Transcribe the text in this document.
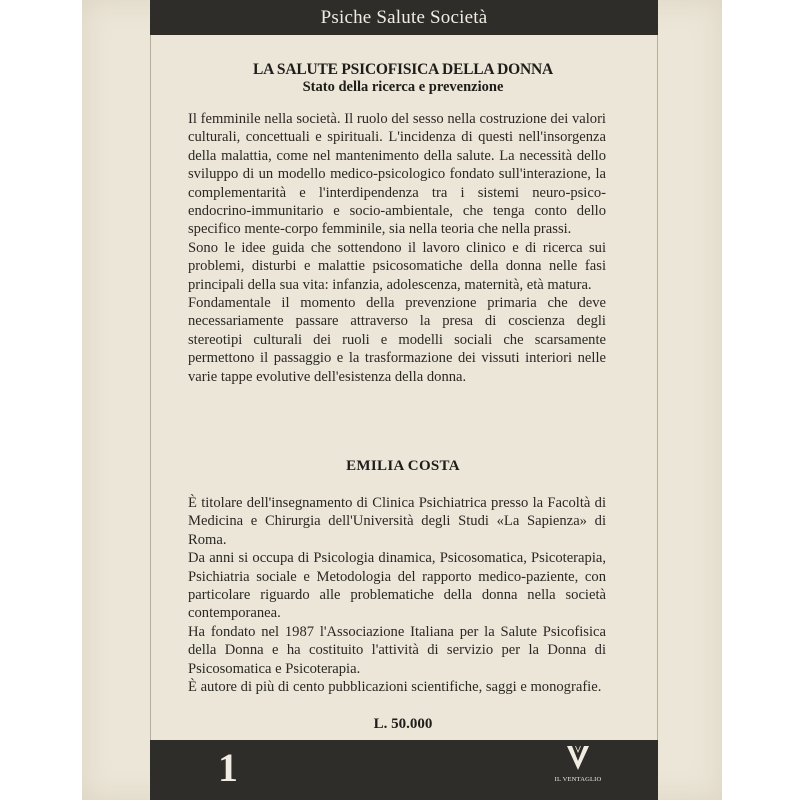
Psiche Salute Società
LA SALUTE PSICOFISICA DELLA DONNA
Stato della ricerca e prevenzione

Il femminile nella società. Il ruolo del sesso nella costruzione dei valori culturali, concettuali e spirituali. L'incidenza di questi nell'insorgenza della malattia, come nel mantenimento della salute. La necessità dello sviluppo di un modello medico-psicologico fondato sull'interazione, la complementarità e l'interdipendenza tra i sistemi neuro-psico-endocrino-immunitario e socio-ambientale, che tenga conto dello specifico mente-corpo femminile, sia nella teoria che nella prassi.

Sono le idee guida che sottendono il lavoro clinico e di ricerca sui problemi, disturbi e malattie psicosomatiche della donna nelle fasi principali della sua vita: infanzia, adolescenza, maternità, età matura.

Fondamentale il momento della prevenzione primaria che deve necessariamente passare attraverso la presa di coscienza degli stereotipi culturali dei ruoli e modelli sociali che scarsamente permettono il passaggio e la trasformazione dei vissuti interiori nelle varie tappe evolutive dell'esistenza della donna.

EMILIA COSTA

È titolare dell'insegnamento di Clinica Psichiatrica presso la Facoltà di Medicina e Chirurgia dell'Università degli Studi «La Sapienza» di Roma.

Da anni si occupa di Psicologia dinamica, Psicosomatica, Psicoterapia, Psichiatria sociale e Metodologia del rapporto medico-paziente, con particolare riguardo alle problematiche della donna nella società contemporanea.

Ha fondato nel 1987 l'Associazione Italiana per la Salute Psicofisica della Donna e ha costituito l'attività di servizio per la Donna di Psicosomatica e Psicoterapia.

È autore di più di cento pubblicazioni scientifiche, saggi e monografie.

L. 50.000
1	IL VENTAGLIO
